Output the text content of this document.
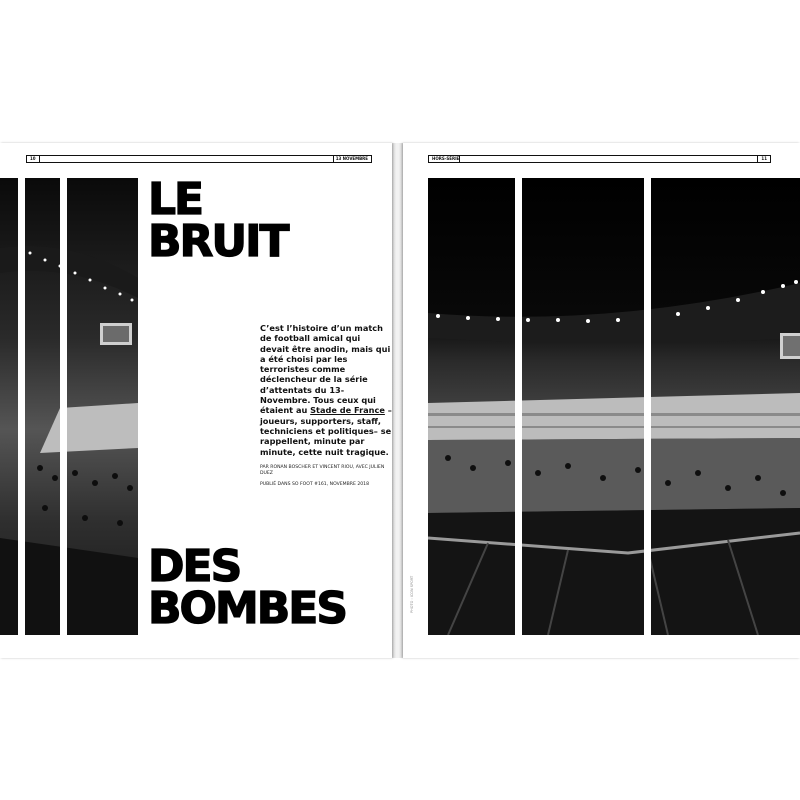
10	13 NOVEMBRE
LE
BRUIT

C’est l’histoire d’un match de football amical qui devait être anodin, mais qui a été choisi par les terroristes comme déclencheur de la série d’attentats du 13-Novembre. Tous ceux qui étaient au Stade de France –joueurs, supporters, staff, techniciens et politiques– se rappellent, minute par minute, cette nuit tragique.

PAR RONAN BOSCHER ET VINCENT RIOU, AVEC JULIEN DUEZ

PUBLIÉ DANS SO FOOT #161, NOVEMBRE 2018

DES
BOMBES
HORS-SÉRIE	11
PHOTO : ICON SPORT
